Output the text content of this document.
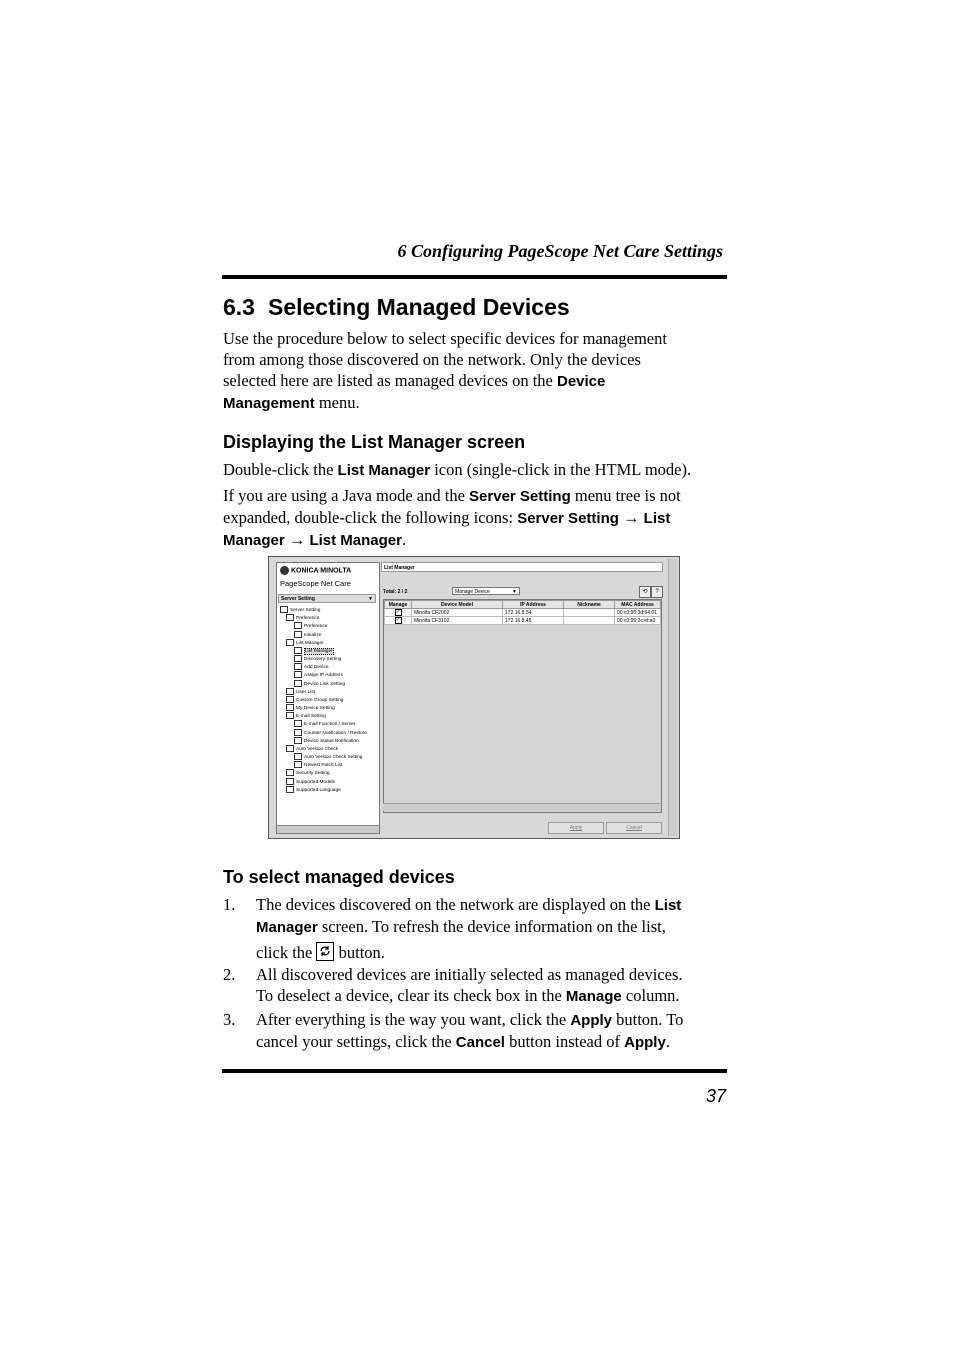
6 Configuring PageScope Net Care Settings
6.3 Selecting Managed Devices
Use the procedure below to select specific devices for management
from among those discovered on the network. Only the devices
selected here are listed as managed devices on the Device
Management menu.
Displaying the List Manager screen
Double-click the List Manager icon (single-click in the HTML mode).
If you are using a Java mode and the Server Setting menu tree is not
expanded, double-click the following icons: Server Setting → List
Manager → List Manager.
KONICA MINOLTA
PageScope Net Care
Server Setting	▼
Server Setting
Preference
Preference
Initialize
List Manager
List Manager
Discovery Setting
Add Device
Assign IP Address
Device Link Setting
User List
Custom Group Setting
My Device Setting
E-mail Setting
E-mail Function / Server
Counter Notification / Restore
Device Status Notification
Auto Version Check
Auto Version Check Setting
Newest Patch List
Security Setting
Supported Models
Supported Language
List Manager
Total: 2 / 2	Manage Device	▼	⟲	?
Manage	Device Model	IP Address	Nickname	MAC Address
✓	Minolta CF2002	172.16.8.54		00:c0:95:3d:64:01
✓	Minolta CF3102	172.16.8.45		00:c0:95:2c:ef:a0
Apply	Cancel
To select managed devices
1. The devices discovered on the network are displayed on the List
Manager screen. To refresh the device information on the list,
click the
button.
2. All discovered devices are initially selected as managed devices.
To deselect a device, clear its check box in the Manage column.
3. After everything is the way you want, click the Apply button. To
cancel your settings, click the Cancel button instead of Apply.
37
